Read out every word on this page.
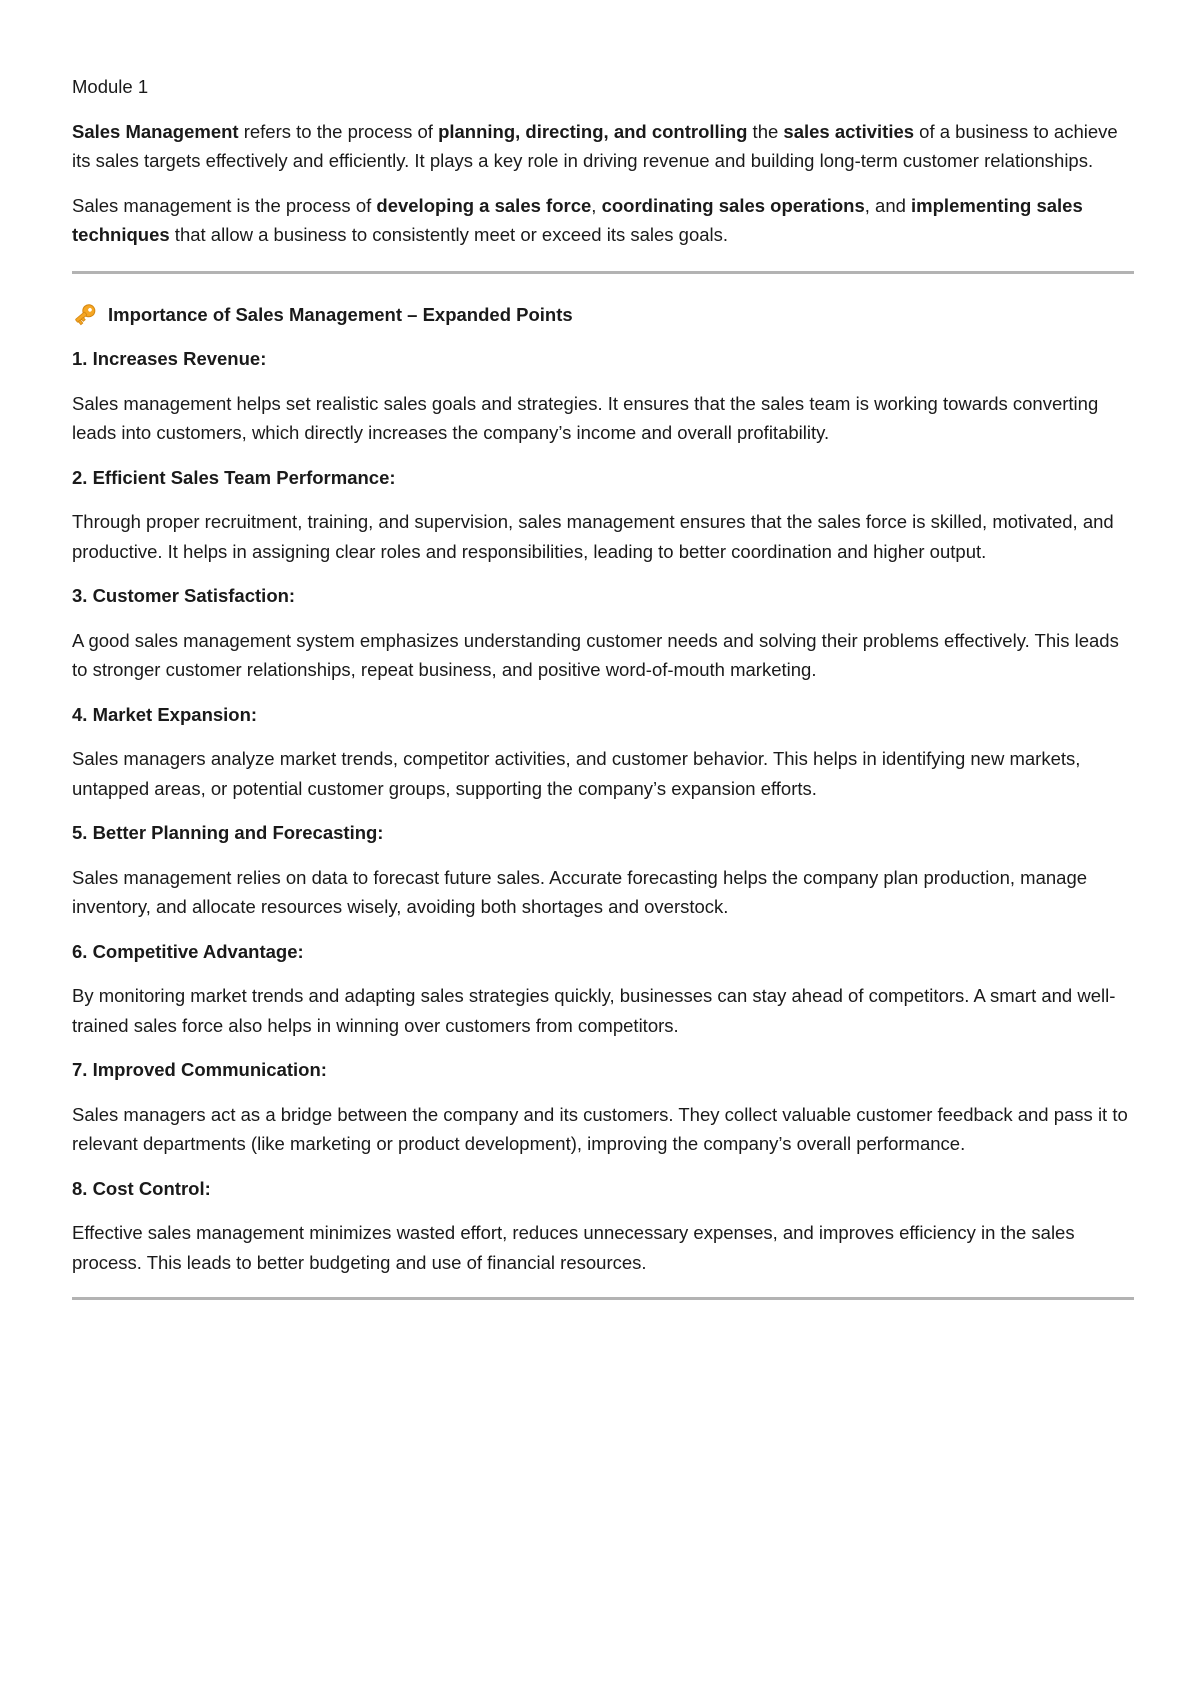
Module 1

Sales Management refers to the process of planning, directing, and controlling the sales activities of a business to achieve its sales targets effectively and efficiently. It plays a key role in driving revenue and building long-term customer relationships.

Sales management is the process of developing a sales force, coordinating sales operations, and implementing sales techniques that allow a business to consistently meet or exceed its sales goals.

Importance of Sales Management – Expanded Points

1. Increases Revenue:

Sales management helps set realistic sales goals and strategies. It ensures that the sales team is working towards converting leads into customers, which directly increases the company’s income and overall profitability.

2. Efficient Sales Team Performance:

Through proper recruitment, training, and supervision, sales management ensures that the sales force is skilled, motivated, and productive. It helps in assigning clear roles and responsibilities, leading to better coordination and higher output.

3. Customer Satisfaction:

A good sales management system emphasizes understanding customer needs and solving their problems effectively. This leads to stronger customer relationships, repeat business, and positive word-of-mouth marketing.

4. Market Expansion:

Sales managers analyze market trends, competitor activities, and customer behavior. This helps in identifying new markets, untapped areas, or potential customer groups, supporting the company’s expansion efforts.

5. Better Planning and Forecasting:

Sales management relies on data to forecast future sales. Accurate forecasting helps the company plan production, manage inventory, and allocate resources wisely, avoiding both shortages and overstock.

6. Competitive Advantage:

By monitoring market trends and adapting sales strategies quickly, businesses can stay ahead of competitors. A smart and well-trained sales force also helps in winning over customers from competitors.

7. Improved Communication:

Sales managers act as a bridge between the company and its customers. They collect valuable customer feedback and pass it to relevant departments (like marketing or product development), improving the company’s overall performance.

8. Cost Control:

Effective sales management minimizes wasted effort, reduces unnecessary expenses, and improves efficiency in the sales process. This leads to better budgeting and use of financial resources.
